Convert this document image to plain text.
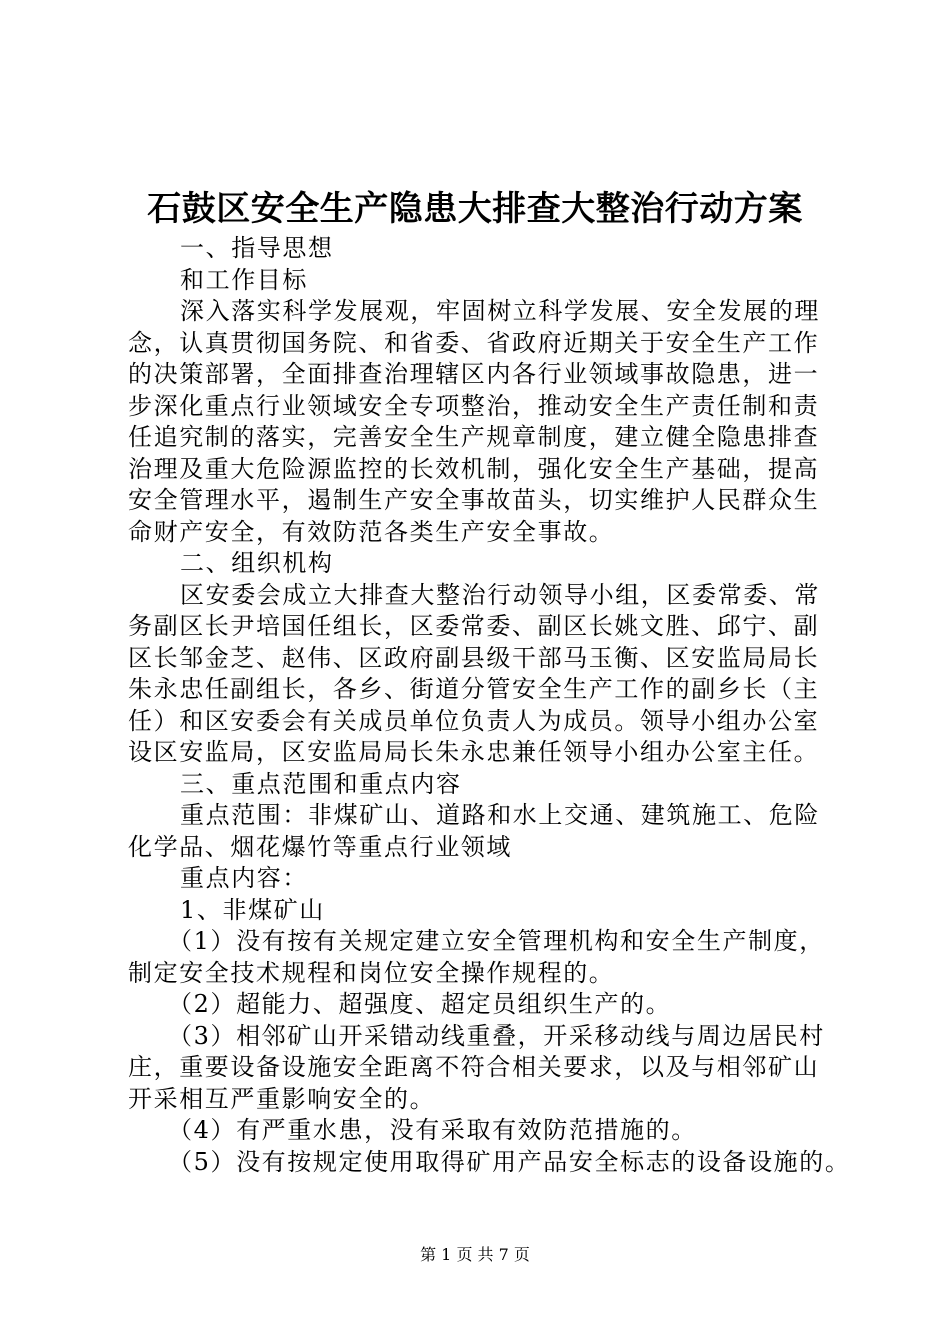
石鼓区安全生产隐患大排查大整治行动方案
一、指导思想
和工作目标
深入落实科学发展观，牢固树立科学发展、安全发展的理
念，认真贯彻国务院、和省委、省政府近期关于安全生产工作
的决策部署，全面排查治理辖区内各行业领域事故隐患，进一
步深化重点行业领域安全专项整治，推动安全生产责任制和责
任追究制的落实，完善安全生产规章制度，建立健全隐患排查
治理及重大危险源监控的长效机制，强化安全生产基础，提高
安全管理水平，遏制生产安全事故苗头，切实维护人民群众生
命财产安全，有效防范各类生产安全事故。
二、组织机构
区安委会成立大排查大整治行动领导小组，区委常委、常
务副区长尹培国任组长，区委常委、副区长姚文胜、邱宁、副
区长邹金芝、赵伟、区政府副县级干部马玉衡、区安监局局长
朱永忠任副组长，各乡、街道分管安全生产工作的副乡长（主
任）和区安委会有关成员单位负责人为成员。领导小组办公室
设区安监局，区安监局局长朱永忠兼任领导小组办公室主任。
三、重点范围和重点内容
重点范围：非煤矿山、道路和水上交通、建筑施工、危险
化学品、烟花爆竹等重点行业领域
重点内容：
1、非煤矿山
（1）没有按有关规定建立安全管理机构和安全生产制度，
制定安全技术规程和岗位安全操作规程的。
（2）超能力、超强度、超定员组织生产的。
（3）相邻矿山开采错动线重叠，开采移动线与周边居民村
庄，重要设备设施安全距离不符合相关要求，以及与相邻矿山
开采相互严重影响安全的。
（4）有严重水患，没有采取有效防范措施的。
（5）没有按规定使用取得矿用产品安全标志的设备设施的。
第 1 页 共 7 页
